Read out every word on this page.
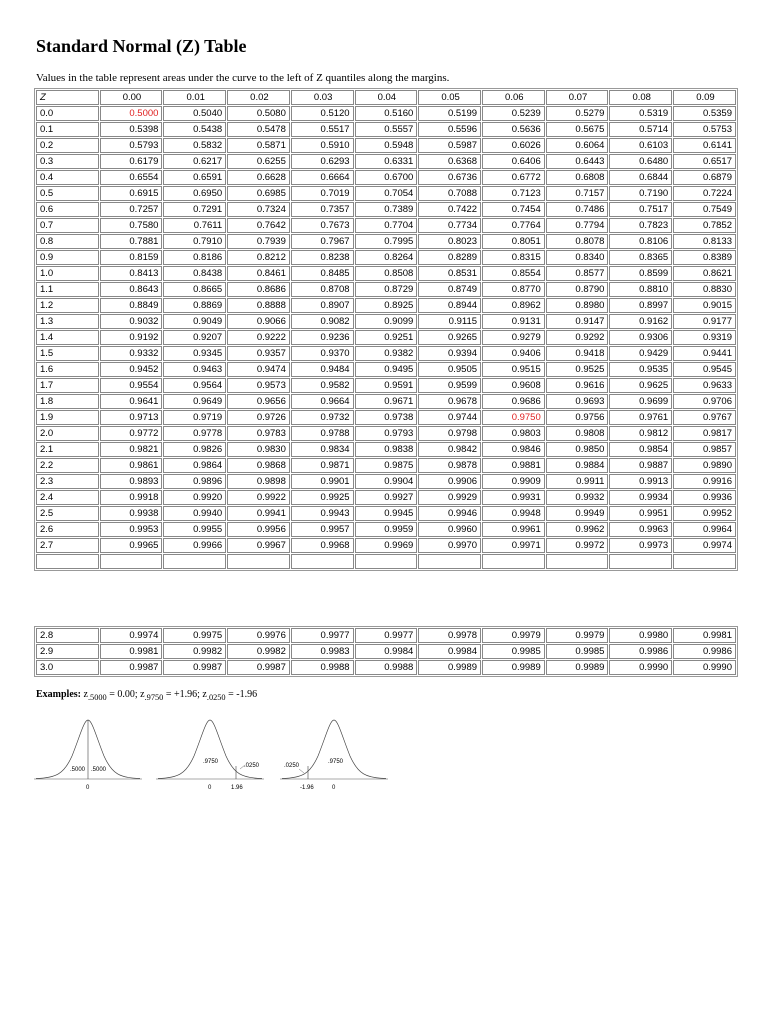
Standard Normal (Z) Table
Values in the table represent areas under the curve to the left of Z quantiles along the margins.
Z	0.00	0.01	0.02	0.03	0.04	0.05	0.06	0.07	0.08	0.09
0.0	0.5000	0.5040	0.5080	0.5120	0.5160	0.5199	0.5239	0.5279	0.5319	0.5359
0.1	0.5398	0.5438	0.5478	0.5517	0.5557	0.5596	0.5636	0.5675	0.5714	0.5753
0.2	0.5793	0.5832	0.5871	0.5910	0.5948	0.5987	0.6026	0.6064	0.6103	0.6141
0.3	0.6179	0.6217	0.6255	0.6293	0.6331	0.6368	0.6406	0.6443	0.6480	0.6517
0.4	0.6554	0.6591	0.6628	0.6664	0.6700	0.6736	0.6772	0.6808	0.6844	0.6879
0.5	0.6915	0.6950	0.6985	0.7019	0.7054	0.7088	0.7123	0.7157	0.7190	0.7224
0.6	0.7257	0.7291	0.7324	0.7357	0.7389	0.7422	0.7454	0.7486	0.7517	0.7549
0.7	0.7580	0.7611	0.7642	0.7673	0.7704	0.7734	0.7764	0.7794	0.7823	0.7852
0.8	0.7881	0.7910	0.7939	0.7967	0.7995	0.8023	0.8051	0.8078	0.8106	0.8133
0.9	0.8159	0.8186	0.8212	0.8238	0.8264	0.8289	0.8315	0.8340	0.8365	0.8389
1.0	0.8413	0.8438	0.8461	0.8485	0.8508	0.8531	0.8554	0.8577	0.8599	0.8621
1.1	0.8643	0.8665	0.8686	0.8708	0.8729	0.8749	0.8770	0.8790	0.8810	0.8830
1.2	0.8849	0.8869	0.8888	0.8907	0.8925	0.8944	0.8962	0.8980	0.8997	0.9015
1.3	0.9032	0.9049	0.9066	0.9082	0.9099	0.9115	0.9131	0.9147	0.9162	0.9177
1.4	0.9192	0.9207	0.9222	0.9236	0.9251	0.9265	0.9279	0.9292	0.9306	0.9319
1.5	0.9332	0.9345	0.9357	0.9370	0.9382	0.9394	0.9406	0.9418	0.9429	0.9441
1.6	0.9452	0.9463	0.9474	0.9484	0.9495	0.9505	0.9515	0.9525	0.9535	0.9545
1.7	0.9554	0.9564	0.9573	0.9582	0.9591	0.9599	0.9608	0.9616	0.9625	0.9633
1.8	0.9641	0.9649	0.9656	0.9664	0.9671	0.9678	0.9686	0.9693	0.9699	0.9706
1.9	0.9713	0.9719	0.9726	0.9732	0.9738	0.9744	0.9750	0.9756	0.9761	0.9767
2.0	0.9772	0.9778	0.9783	0.9788	0.9793	0.9798	0.9803	0.9808	0.9812	0.9817
2.1	0.9821	0.9826	0.9830	0.9834	0.9838	0.9842	0.9846	0.9850	0.9854	0.9857
2.2	0.9861	0.9864	0.9868	0.9871	0.9875	0.9878	0.9881	0.9884	0.9887	0.9890
2.3	0.9893	0.9896	0.9898	0.9901	0.9904	0.9906	0.9909	0.9911	0.9913	0.9916
2.4	0.9918	0.9920	0.9922	0.9925	0.9927	0.9929	0.9931	0.9932	0.9934	0.9936
2.5	0.9938	0.9940	0.9941	0.9943	0.9945	0.9946	0.9948	0.9949	0.9951	0.9952
2.6	0.9953	0.9955	0.9956	0.9957	0.9959	0.9960	0.9961	0.9962	0.9963	0.9964
2.7	0.9965	0.9966	0.9967	0.9968	0.9969	0.9970	0.9971	0.9972	0.9973	0.9974

2.8	0.9974	0.9975	0.9976	0.9977	0.9977	0.9978	0.9979	0.9979	0.9980	0.9981
2.9	0.9981	0.9982	0.9982	0.9983	0.9984	0.9984	0.9985	0.9985	0.9986	0.9986
3.0	0.9987	0.9987	0.9987	0.9988	0.9988	0.9989	0.9989	0.9989	0.9990	0.9990
Examples: $z_{.5000} = 0.00$; $z_{.9750} = +1.96$; $z_{.0250} = -1.96$
.5000 .5000
0
.9750
.0250
0	1.96
.0250
.9750
-1.96	0
